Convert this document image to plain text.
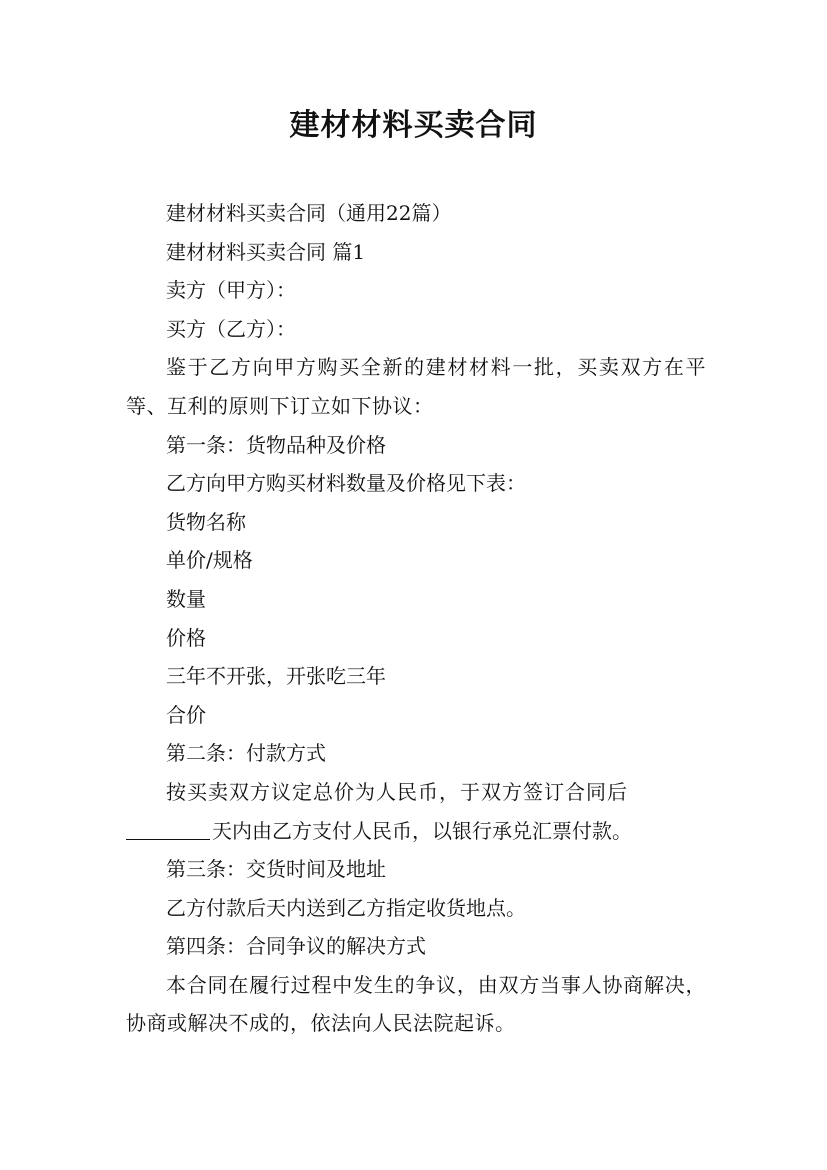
建材材料买卖合同

建材材料买卖合同（通用22篇）

建材材料买卖合同 篇1

卖方（甲方）：

买方（乙方）：

鉴于乙方向甲方购买全新的建材材料一批，买卖双方在平等、互利的原则下订立如下协议：

第一条：货物品种及价格

乙方向甲方购买材料数量及价格见下表：

货物名称

单价/规格

数量

价格

三年不开张，开张吃三年

合价

第二条：付款方式

按买卖双方议定总价为人民币，于双方签订合同后

天内由乙方支付人民币，以银行承兑汇票付款。

第三条：交货时间及地址

乙方付款后天内送到乙方指定收货地点。

第四条：合同争议的解决方式

本合同在履行过程中发生的争议，由双方当事人协商解决，协商或解决不成的，依法向人民法院起诉。
